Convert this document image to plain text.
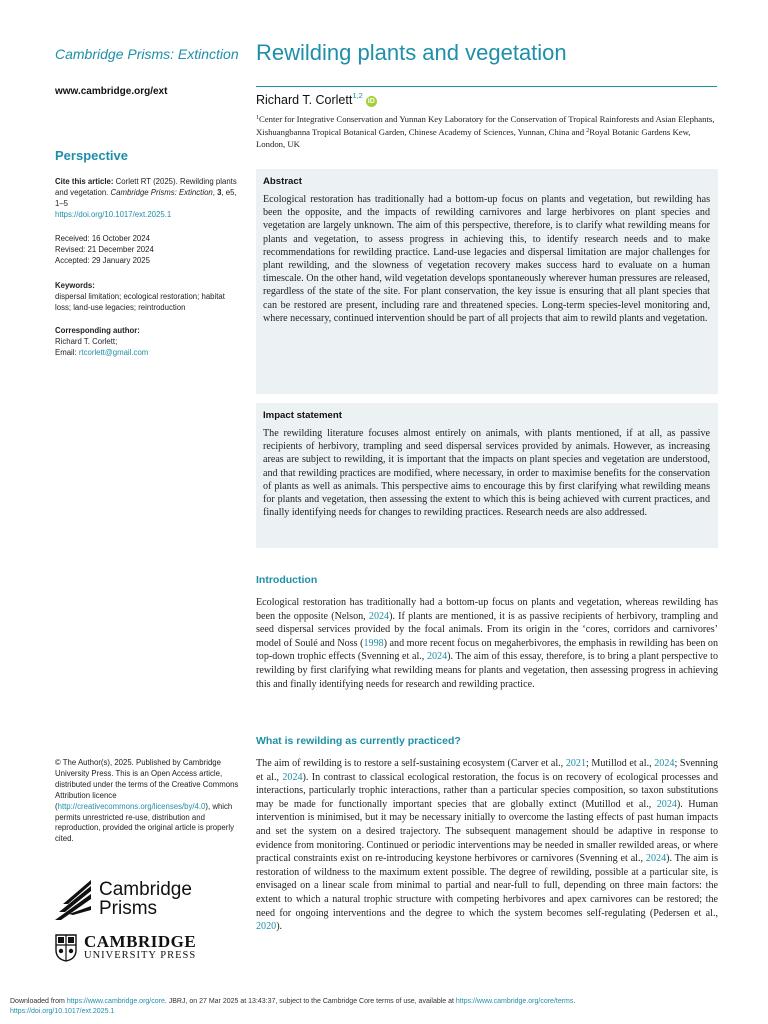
Cambridge Prisms: Extinction Rewilding plants and vegetation
www.cambridge.org/ext
Richard T. Corlett$^{1,2}$iD
$^1$Center for Integrative Conservation and Yunnan Key Laboratory for the Conservation of Tropical Rainforests and Asian Elephants, Xishuangbanna Tropical Botanical Garden, Chinese Academy of Sciences, Yunnan, China and $^2$Royal Botanic Gardens Kew, London, UK
Perspective
Cite this article: Corlett RT (2025). Rewilding plants and vegetation. Cambridge Prisms: Extinction, 3, e5, 1–5
https://doi.org/10.1017/ext.2025.1
Received: 16 October 2024
Revised: 21 December 2024
Accepted: 29 January 2025
Keywords:
dispersal limitation; ecological restoration; habitat loss; land-use legacies; reintroduction
Corresponding author:
Richard T. Corlett;
Email: rtcorlett@gmail.com
Abstract
Ecological restoration has traditionally had a bottom-up focus on plants and vegetation, but rewilding has been the opposite, and the impacts of rewilding carnivores and large herbivores on plant species and vegetation are largely unknown. The aim of this perspective, therefore, is to clarify what rewilding means for plants and vegetation, to assess progress in achieving this, to identify research needs and to make recommendations for rewilding practice. Land-use legacies and dispersal limitation are major challenges for plant rewilding, and the slowness of vegetation recovery makes success hard to evaluate on a human timescale. On the other hand, wild vegetation develops spontaneously wherever human pressures are released, regardless of the state of the site. For plant conservation, the key issue is ensuring that all plant species that can be restored are present, including rare and threatened species. Long-term species-level monitoring and, where necessary, continued intervention should be part of all projects that aim to rewild plants and vegetation.
Impact statement
The rewilding literature focuses almost entirely on animals, with plants mentioned, if at all, as passive recipients of herbivory, trampling and seed dispersal services provided by animals. However, as increasing areas are subject to rewilding, it is important that the impacts on plant species and vegetation are understood, and that rewilding practices are modified, where necessary, in order to maximise benefits for the conservation of plants as well as animals. This perspective aims to encourage this by first clarifying what rewilding means for plants and vegetation, then assessing the extent to which this is being achieved with current practices, and finally identifying needs for changes to rewilding practices. Research needs are also addressed.
Introduction
Ecological restoration has traditionally had a bottom-up focus on plants and vegetation, whereas rewilding has been the opposite (Nelson, 2024). If plants are mentioned, it is as passive recipients of herbivory, trampling and seed dispersal services provided by the focal animals. From its origin in the ‘cores, corridors and carnivores’ model of Soulé and Noss (1998) and more recent focus on megaherbivores, the emphasis in rewilding has been on top-down trophic effects (Svenning et al., 2024). The aim of this essay, therefore, is to bring a plant perspective to rewilding by first clarifying what rewilding means for plants and vegetation, then assessing progress in achieving this and finally identifying needs for research and rewilding practice.
What is rewilding as currently practiced?
The aim of rewilding is to restore a self-sustaining ecosystem (Carver et al., 2021; Mutillod et al., 2024; Svenning et al., 2024). In contrast to classical ecological restoration, the focus is on recovery of ecological processes and interactions, particularly trophic interactions, rather than a particular species composition, so taxon substitutions may be made for functionally important species that are globally extinct (Mutillod et al., 2024). Human intervention is minimised, but it may be necessary initially to overcome the lasting effects of past human impacts and set the system on a desired trajectory. The subsequent management should be adaptive in response to evidence from monitoring. Continued or periodic interventions may be needed in smaller rewilded areas, or where practical constraints exist on re-introducing keystone herbivores or carnivores (Svenning et al., 2024). The aim is restoration of wildness to the maximum extent possible. The degree of rewilding, possible at a particular site, is envisaged on a linear scale from minimal to partial and near-full to full, depending on three main factors: the extent to which a natural trophic structure with competing herbivores and apex carnivores can be restored; the need for ongoing interventions and the degree to which the system becomes self-regulating (Pedersen et al., 2020).
© The Author(s), 2025. Published by Cambridge University Press. This is an Open Access article, distributed under the terms of the Creative Commons Attribution licence (http://creativecommons.org/licenses/by/4.0), which permits unrestricted re-use, distribution and reproduction, provided the original article is properly cited.
Cambridge
Prisms
CAMBRIDGE
UNIVERSITY PRESS
Downloaded from https://www.cambridge.org/core. JBRJ, on 27 Mar 2025 at 13:43:37, subject to the Cambridge Core terms of use, available at https://www.cambridge.org/core/terms.
https://doi.org/10.1017/ext.2025.1
